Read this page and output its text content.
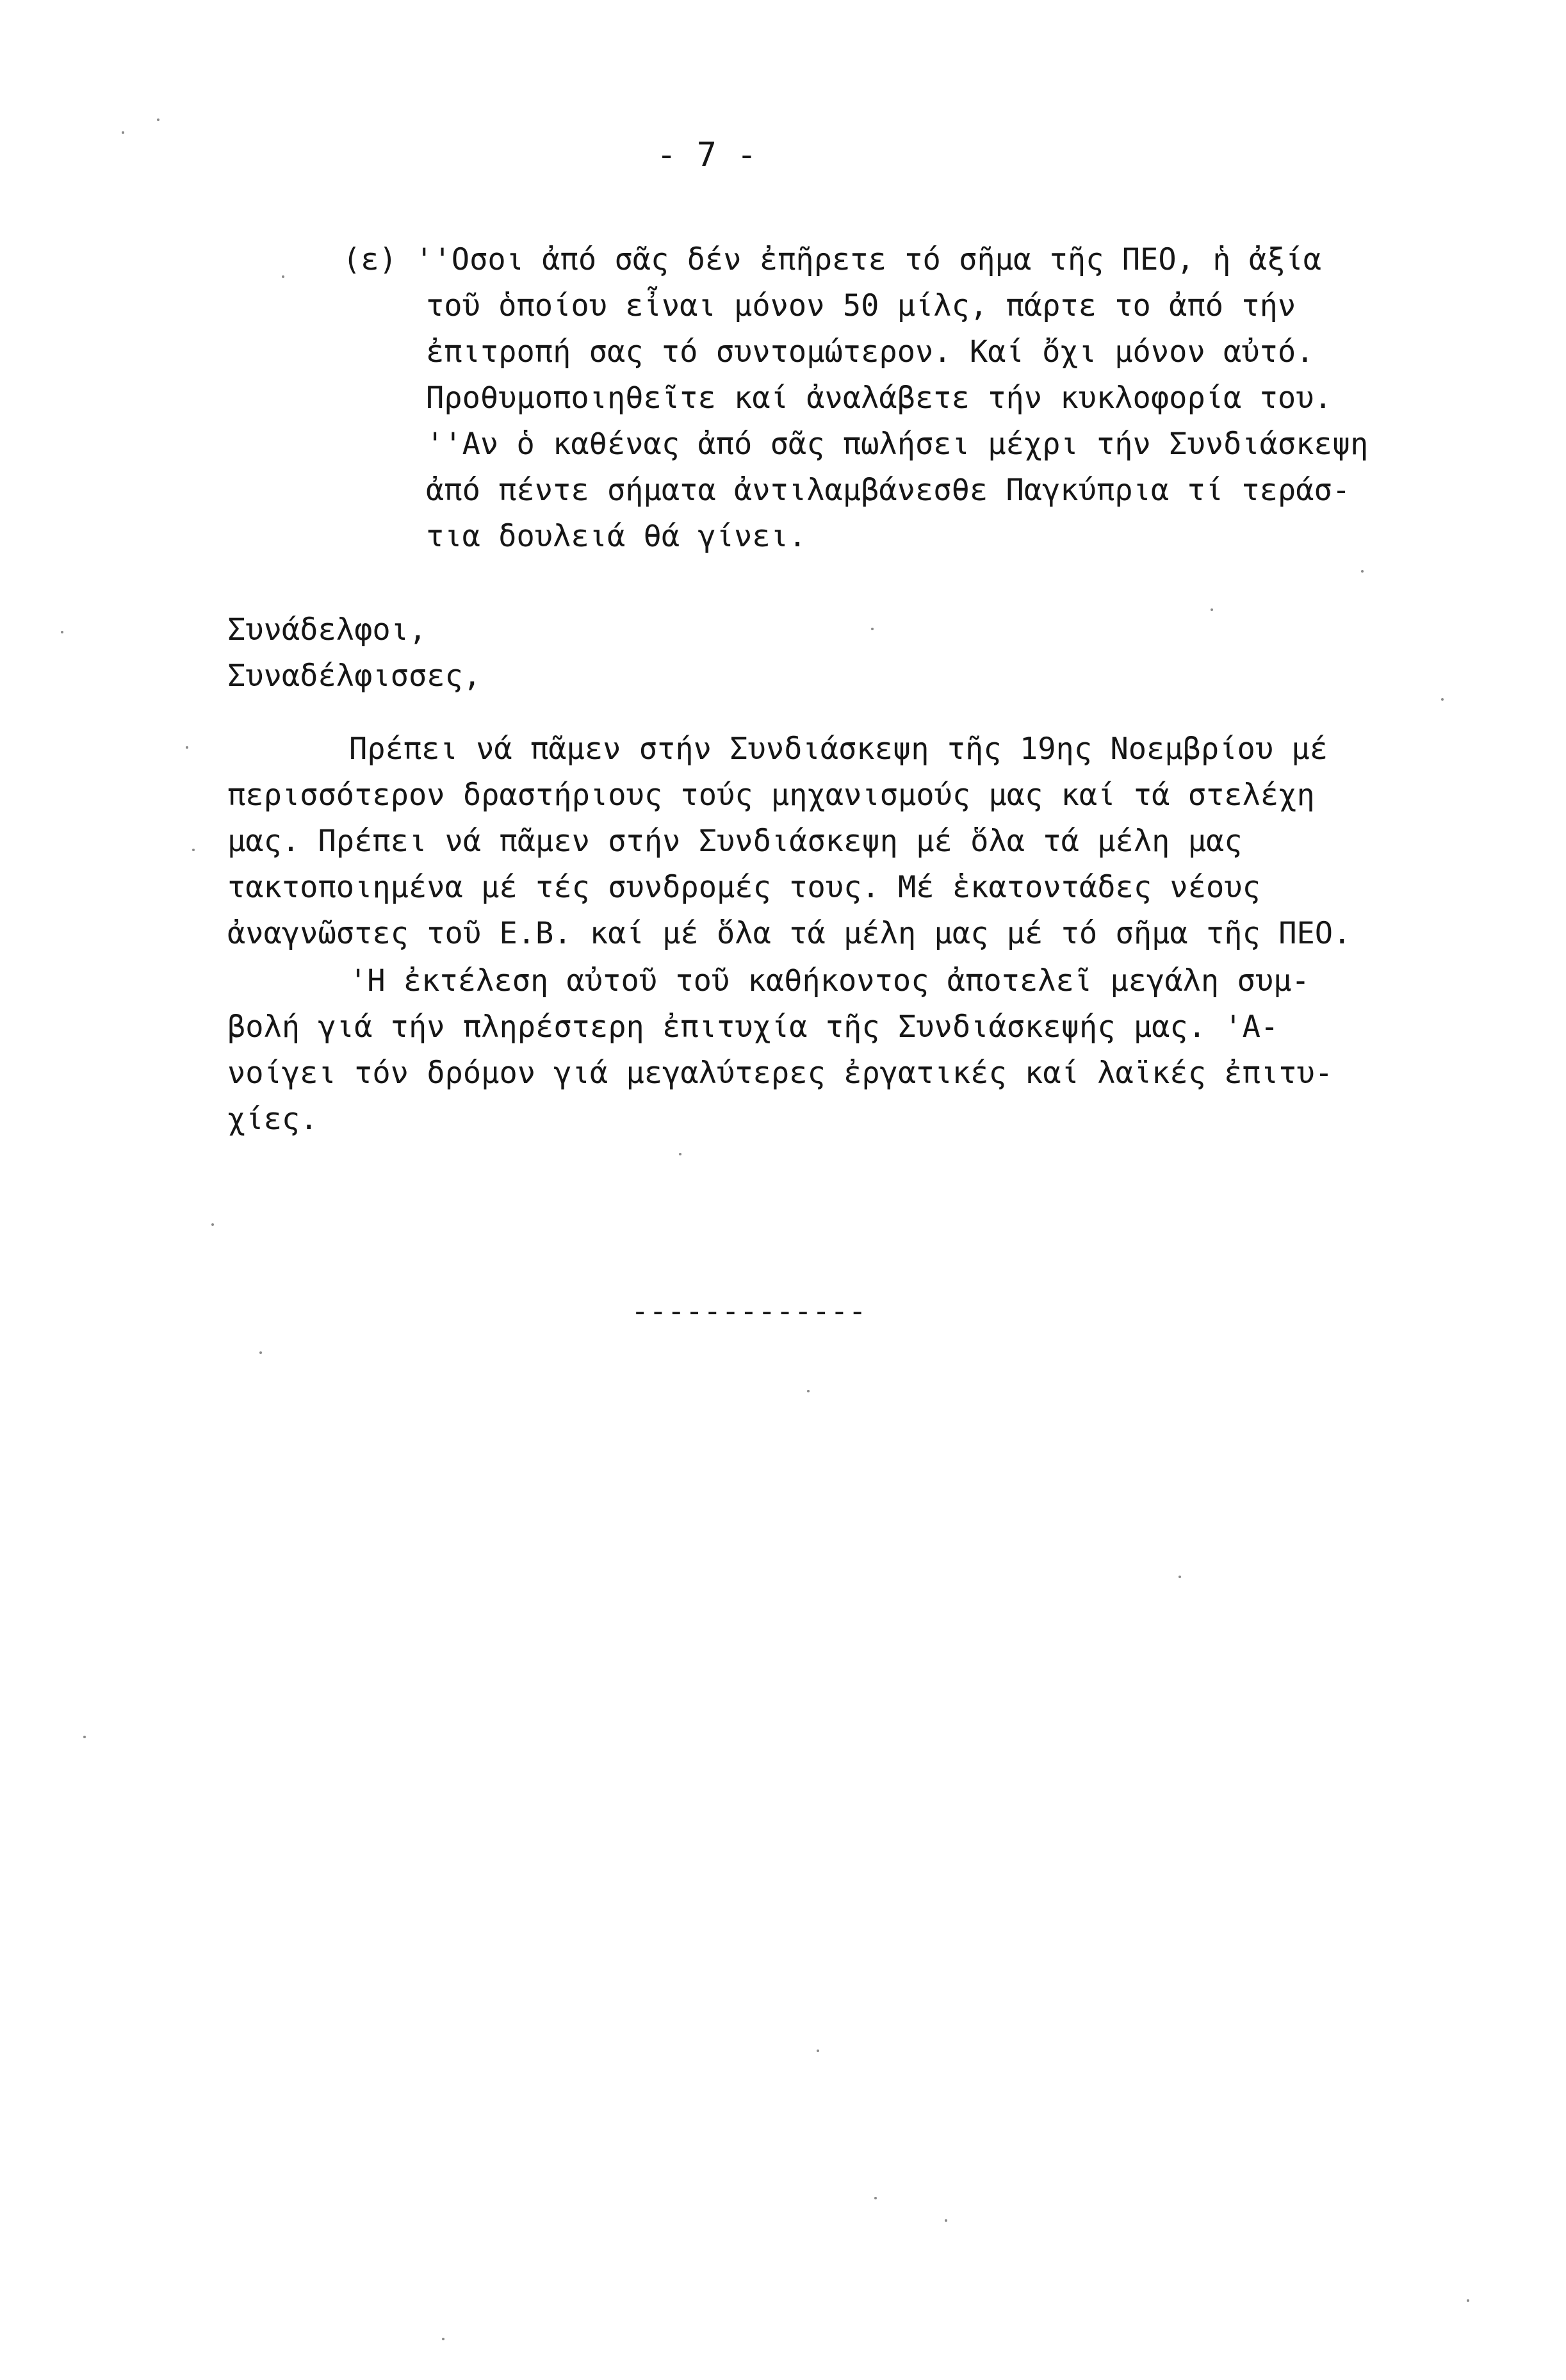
- 7 -
(ε) ''Οσοι ἀπό σᾶς δέν ἐπῆρετε τό σῆμα τῆς ΠΕΟ, ἡ ἀξία
τοῦ ὁποίου εἶναι μόνον 50 μίλς, πάρτε το ἀπό τήν
ἐπιτροπή σας τό συντομώτερον. Καί ὄχι μόνον αὐτό.
Προθυμοποιηθεῖτε καί ἀναλάβετε τήν κυκλοφορία του.
''Αν ὁ καθένας ἀπό σᾶς πωλήσει μέχρι τήν Συνδιάσκεψη
ἀπό πέντε σήματα ἀντιλαμβάνεσθε Παγκύπρια τί τεράσ-
τια δουλειά θά γίνει.
Συνάδελφοι,
Συναδέλφισσες,
Πρέπει νά πᾶμεν στήν Συνδιάσκεψη τῆς 19ης Νοεμβρίου μέ
περισσότερον δραστήριους τούς μηχανισμούς μας καί τά στελέχη
μας. Πρέπει νά πᾶμεν στήν Συνδιάσκεψη μέ ὅλα τά μέλη μας
τακτοποιημένα μέ τές συνδρομές τους. Μέ ἑκατοντάδες νέους
ἀναγνῶστες τοῦ Ε.Β. καί μέ ὅλα τά μέλη μας μέ τό σῆμα τῆς ΠΕΟ.
'Η ἐκτέλεση αὐτοῦ τοῦ καθήκοντος ἀποτελεῖ μεγάλη συμ-
βολή γιά τήν πληρέστερη ἐπιτυχία τῆς Συνδιάσκεψής μας. 'Α-
νοίγει τόν δρόμον γιά μεγαλύτερες ἐργατικές καί λαϊκές ἐπιτυ-
χίες.
-------------
